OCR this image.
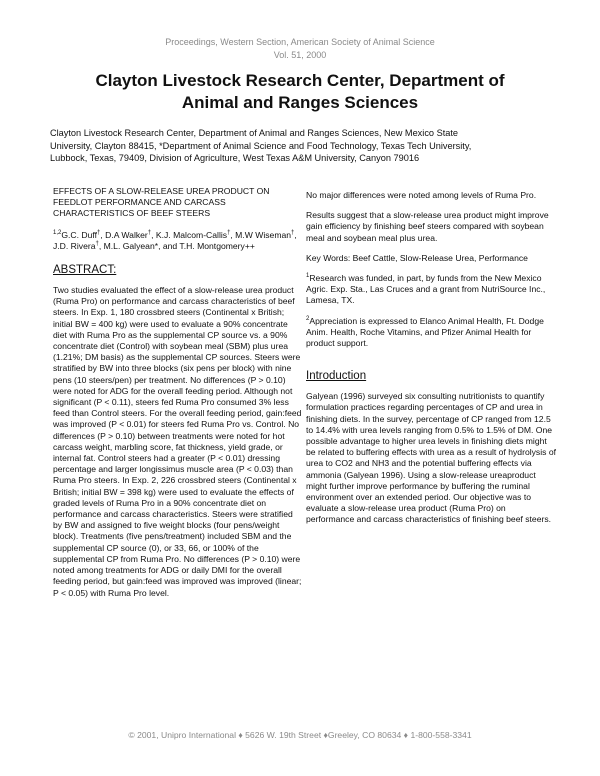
Proceedings, Western Section, American Society of Animal Science
Vol. 51, 2000
Clayton Livestock Research Center, Department of
Animal and Ranges Sciences
Clayton Livestock Research Center, Department of Animal and Ranges Sciences, New Mexico State
University, Clayton 88415, *Department of Animal Science and Food Technology, Texas Tech University,
Lubbock, Texas, 79409, Division of Agriculture, West Texas A&M University, Canyon 79016

EFFECTS OF A SLOW-RELEASE UREA PRODUCT ON FEEDLOT PERFORMANCE AND CARCASS CHARACTERISTICS OF BEEF STEERS

$^{1,2}$G.C. Duff†, D.A Walker†, K.J. Malcom-Callis†, M.W Wiseman†, J.D. Rivera†, M.L. Galyean*, and T.H. Montgomery++

ABSTRACT:

Two studies evaluated the effect of a slow-release urea product (Ruma Pro) on performance and carcass characteristics of beef steers. In Exp. 1, 180 crossbred steers (Continental x British; initial BW = 400 kg) were used to evaluate a 90% concentrate diet with Ruma Pro as the supplemental CP source vs. a 90% concentrate diet (Control) with soybean meal (SBM) plus urea (1.21%; DM basis) as the supplemental CP sources. Steers were stratified by BW into three blocks (six pens per block) with nine pens (10 steers/pen) per treatment. No differences (P > 0.10) were noted for ADG for the overall feeding period. Although not significant (P < 0.11), steers fed Ruma Pro consumed 3% less feed than Control steers. For the overall feeding period, gain:feed was improved (P < 0.01) for steers fed Ruma Pro vs. Control. No differences (P > 0.10) between treatments were noted for hot carcass weight, marbling score, fat thickness, yield grade, or internal fat. Control steers had a greater (P < 0.01) dressing percentage and larger longissimus muscle area (P < 0.03) than Ruma Pro steers. In Exp. 2, 226 crossbred steers (Continental x British; initial BW = 398 kg) were used to evaluate the effects of graded levels of Ruma Pro in a 90% concentrate diet on performance and carcass characteristics. Steers were stratified by BW and assigned to five weight blocks (four pens/weight block). Treatments (five pens/treatment) included SBM and the supplemental CP source (0), or 33, 66, or 100% of the supplemental CP from Ruma Pro. No differences (P > 0.10) were noted among treatments for ADG or daily DMI for the overall feeding period, but gain:feed was improved was improved (linear; P < 0.05) with Ruma Pro level.

No major differences were noted among levels of Ruma Pro.

Results suggest that a slow-release urea product might improve gain efficiency by finishing beef steers compared with soybean meal and soybean meal plus urea.

Key Words: Beef Cattle, Slow-Release Urea, Performance

$^1$Research was funded, in part, by funds from the New Mexico Agric. Exp. Sta., Las Cruces and a grant from NutriSource Inc., Lamesa, TX.

$^2$Appreciation is expressed to Elanco Animal Health, Ft. Dodge Anim. Health, Roche Vitamins, and Pfizer Animal Health for product support.

Introduction

Galyean (1996) surveyed six consulting nutritionists to quantify formulation practices regarding percentages of CP and urea in finishing diets. In the survey, percentage of CP ranged from 12.5 to 14.4% with urea levels ranging from 0.5% to 1.5% of DM. One possible advantage to higher urea levels in finishing diets might be related to buffering effects with urea as a result of hydrolysis of urea to CO2 and NH3 and the potential buffering effects via ammonia (Galyean 1996). Using a slow-release ureaproduct might further improve performance by buffering the ruminal environment over an extended period. Our objective was to evaluate a slow-release urea product (Ruma Pro) on performance and carcass characteristics of finishing beef steers.

© 2001, Unipro International ♦ 5626 W. 19th Street ♦Greeley, CO 80634 ♦ 1-800-558-3341
